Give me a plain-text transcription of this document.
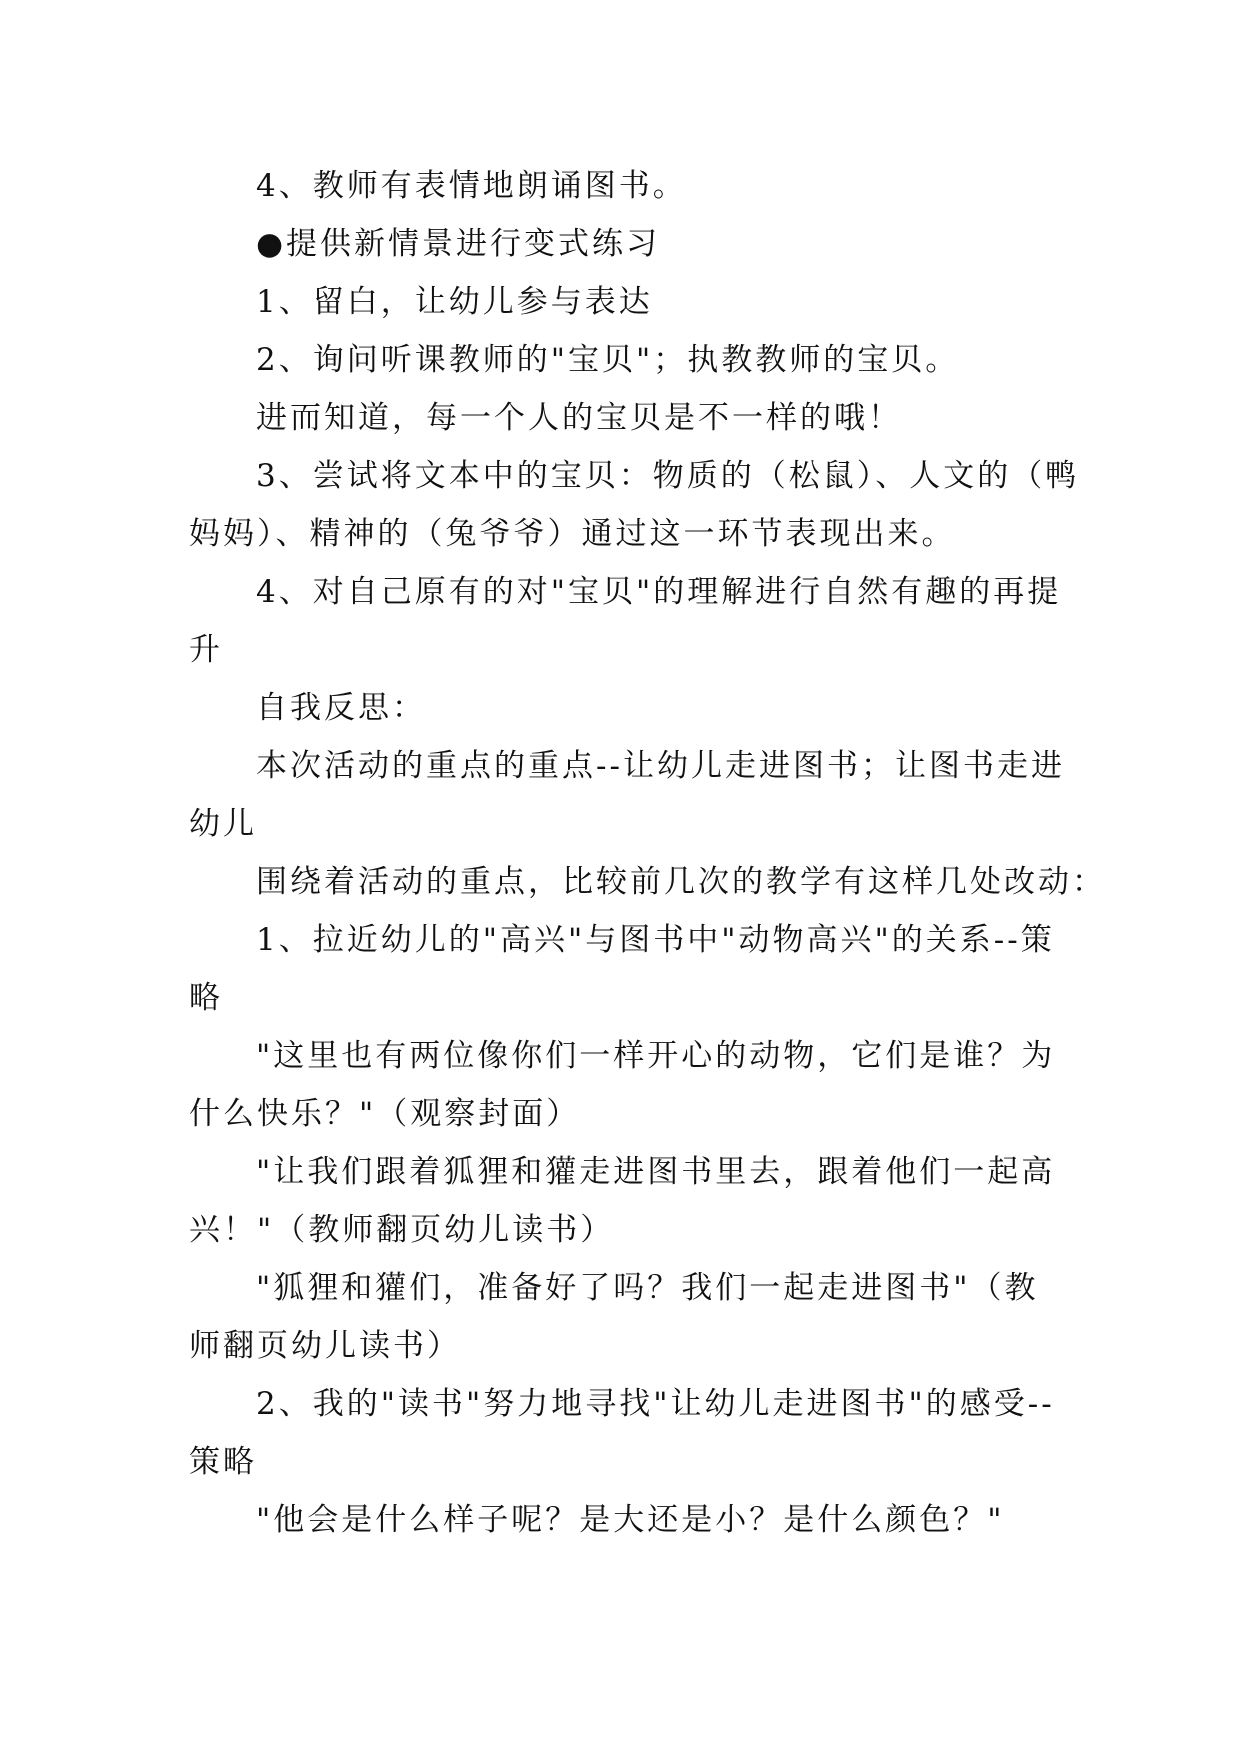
4、教师有表情地朗诵图书。
●提供新情景进行变式练习
1、留白，让幼儿参与表达
2、询问听课教师的"宝贝"；执教教师的宝贝。
进而知道，每一个人的宝贝是不一样的哦！
3、尝试将文本中的宝贝：物质的（松鼠）、人文的（鸭
妈妈）、精神的（兔爷爷）通过这一环节表现出来。
4、对自己原有的对"宝贝"的理解进行自然有趣的再提
升
自我反思：
本次活动的重点的重点--让幼儿走进图书；让图书走进
幼儿
围绕着活动的重点，比较前几次的教学有这样几处改动：
1、拉近幼儿的"高兴"与图书中"动物高兴"的关系--策
略
"这里也有两位像你们一样开心的动物，它们是谁？为
什么快乐？"（观察封面）
"让我们跟着狐狸和獾走进图书里去，跟着他们一起高
兴！"（教师翻页幼儿读书）
"狐狸和獾们，准备好了吗？我们一起走进图书"（教
师翻页幼儿读书）
2、我的"读书"努力地寻找"让幼儿走进图书"的感受--
策略
"他会是什么样子呢？是大还是小？是什么颜色？"
